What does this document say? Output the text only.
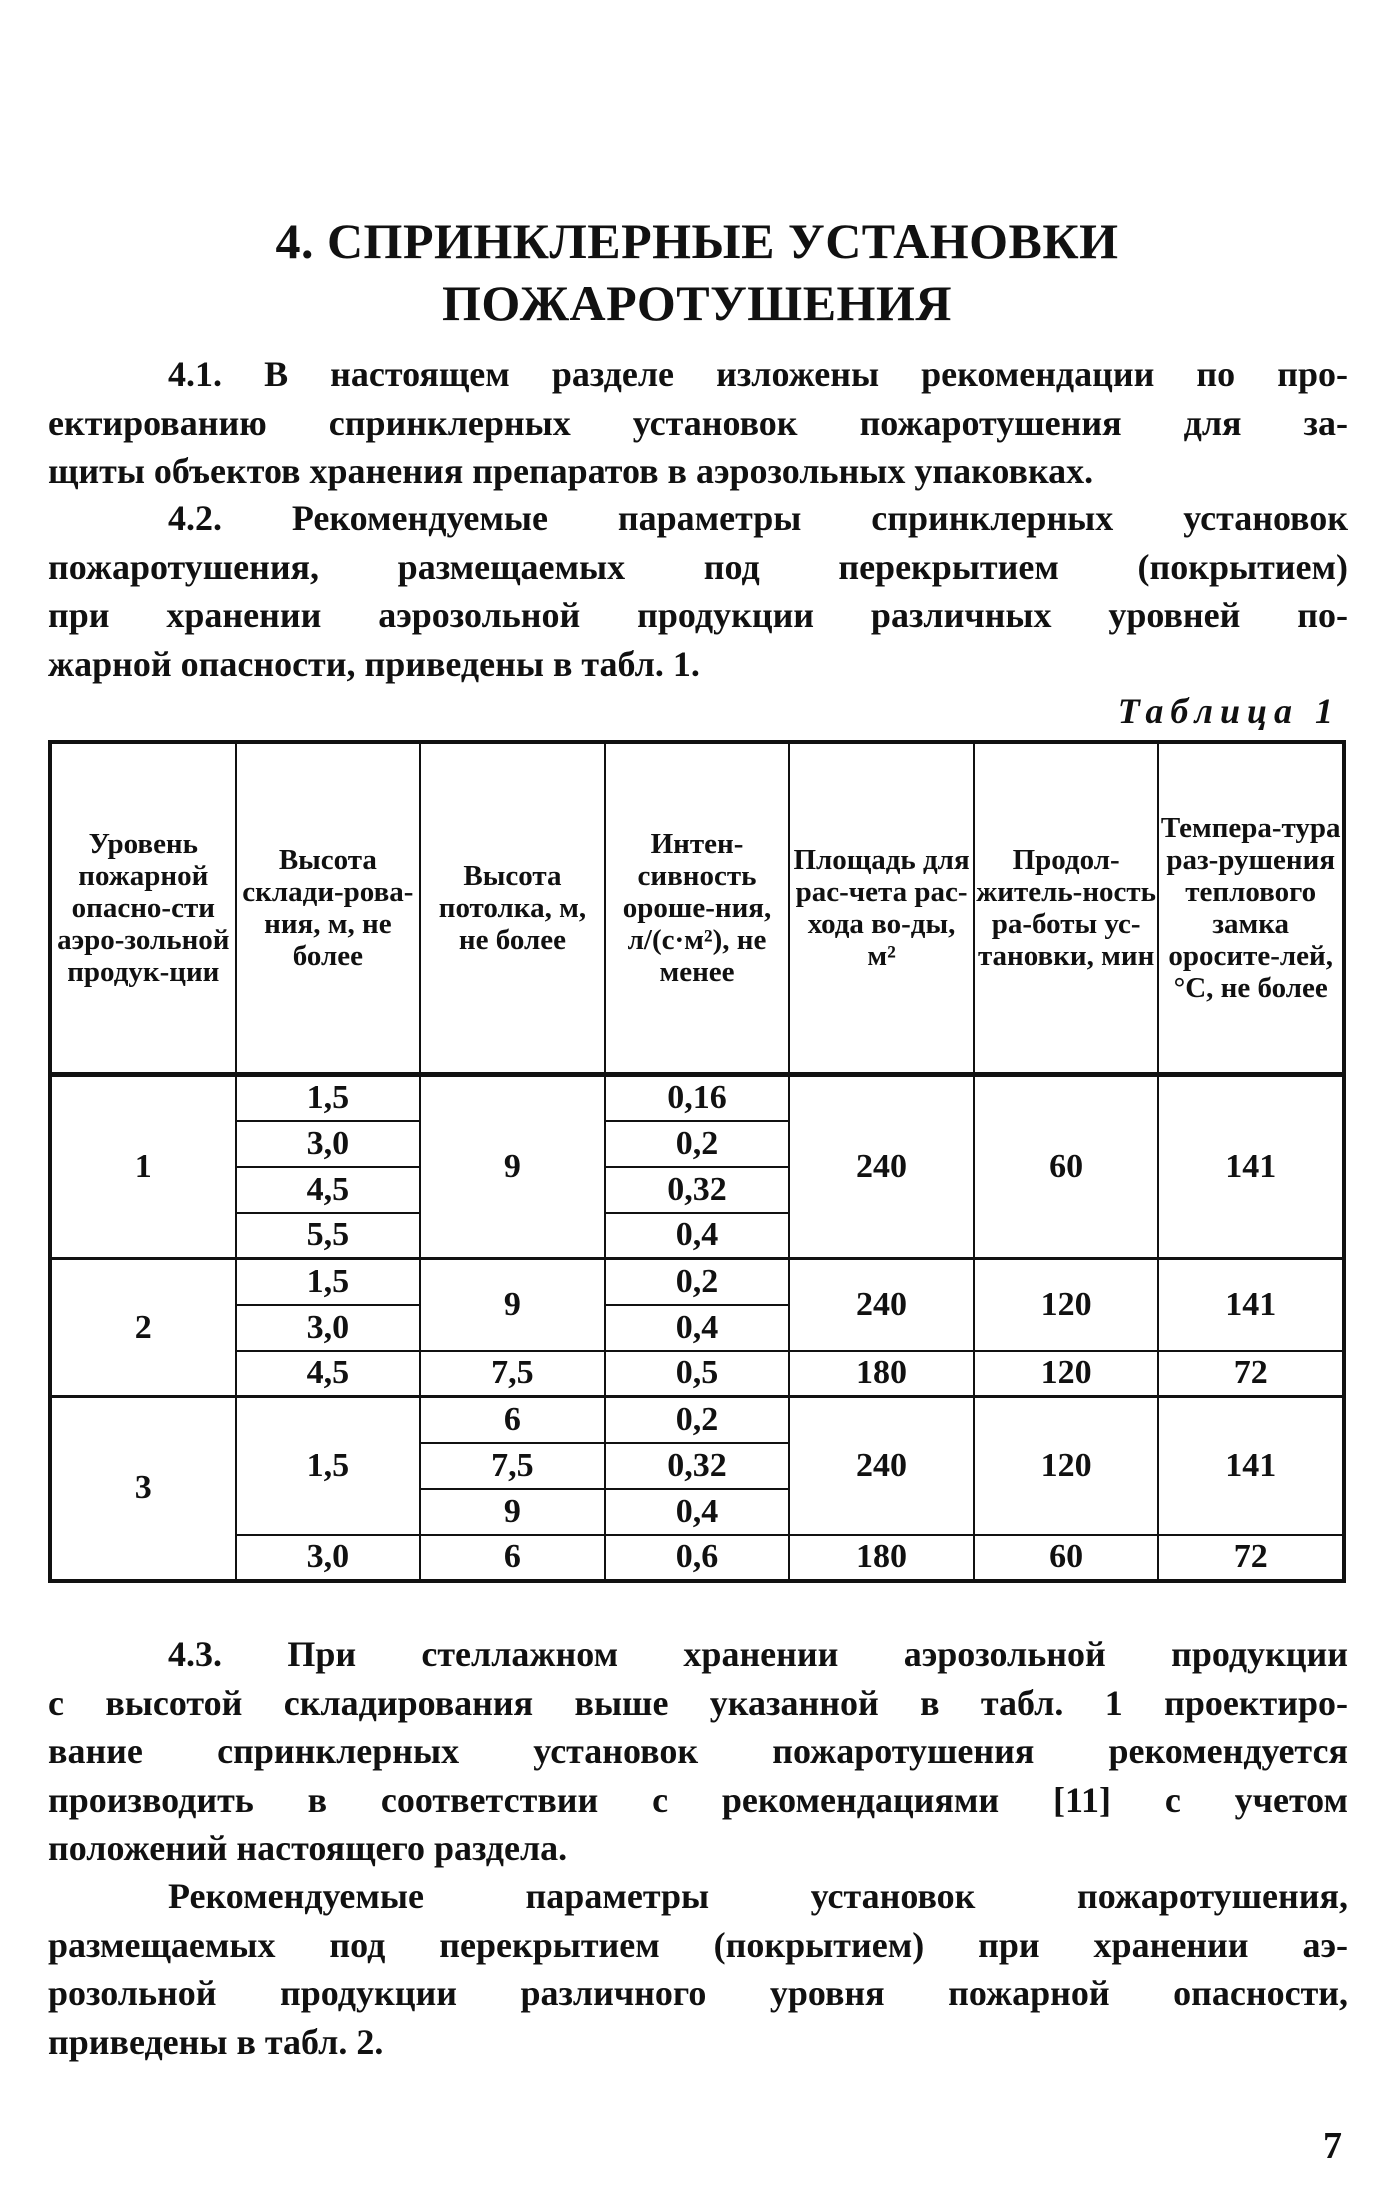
4. СПРИНКЛЕРНЫЕ УСТАНОВКИ
ПОЖАРОТУШЕНИЯ
4.1. В настоящем разделе изложены рекомендации по про-
ектированию спринклерных установок пожаротушения для за-
щиты объектов хранения препаратов в аэрозольных упаковках.
4.2. Рекомендуемые параметры спринклерных установок
пожаротушения, размещаемых под перекрытием (покрытием)
при хранении аэрозольной продукции различных уровней по-
жарной опасности, приведены в табл. 1.
Таблица 1
Уровень пожарной опасно-сти аэро-зольной продук-ции	Высота склади-рова-ния, м, не более	Высота потолка, м, не более	Интен-сивность ороше-ния, л/(с·м²), не менее	Площадь для рас-чета рас-хода во-ды, м²	Продол-житель-ность ра-боты ус-тановки, мин	Темпера-тура раз-рушения теплового замка оросите-лей, °C, не более
1	1,5	9	0,16	240	60	141
	3,0		0,2			
	4,5		0,32			
	5,5		0,4			
2	1,5	9	0,2	240	120	141
	3,0		0,4			
	4,5	7,5	0,5	180	120	72
3	1,5	6	0,2	240	120	141
		7,5	0,32			
		9	0,4			
	3,0	6	0,6	180	60	72
4.3. При стеллажном хранении аэрозольной продукции
с высотой складирования выше указанной в табл. 1 проектиро-
вание спринклерных установок пожаротушения рекомендуется
производить в соответствии с рекомендациями [11] с учетом
положений настоящего раздела.
Рекомендуемые параметры установок пожаротушения,
размещаемых под перекрытием (покрытием) при хранении аэ-
розольной продукции различного уровня пожарной опасности,
приведены в табл. 2.
7
